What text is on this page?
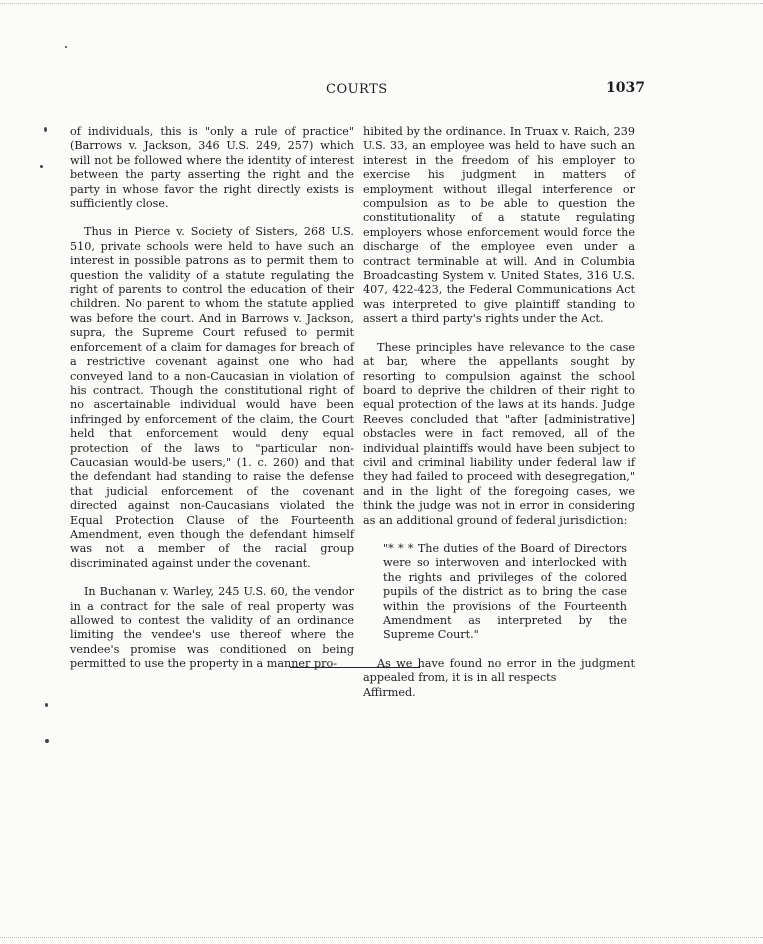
COURTS	1037

of individuals, this is "only a rule of practice" (Barrows v. Jackson, 346 U.S. 249, 257) which will not be followed where the identity of interest between the party asserting the right and the party in whose favor the right directly exists is sufficiently close.

Thus in Pierce v. Society of Sisters, 268 U.S. 510, private schools were held to have such an interest in possible patrons as to permit them to question the validity of a statute regulating the right of parents to control the education of their children. No parent to whom the statute applied was before the court. And in Barrows v. Jackson, supra, the Supreme Court refused to permit enforcement of a claim for damages for breach of a restrictive covenant against one who had conveyed land to a non-Caucasian in violation of his contract. Though the constitutional right of no ascertainable individual would have been infringed by enforcement of the claim, the Court held that enforcement would deny equal protection of the laws to "particular non-Caucasian would-be users," (1. c. 260) and that the defendant had standing to raise the defense that judicial enforcement of the covenant directed against non-Caucasians violated the Equal Protection Clause of the Fourteenth Amendment, even though the defendant himself was not a member of the racial group discriminated against under the covenant.

In Buchanan v. Warley, 245 U.S. 60, the vendor in a contract for the sale of real property was allowed to contest the validity of an ordinance limiting the vendee's use thereof where the vendee's promise was conditioned on being permitted to use the property in a manner pro-

hibited by the ordinance. In Truax v. Raich, 239 U.S. 33, an employee was held to have such an interest in the freedom of his employer to exercise his judgment in matters of employment without illegal interference or compulsion as to be able to question the constitutionality of a statute regulating employers whose enforcement would force the discharge of the employee even under a contract terminable at will. And in Columbia Broadcasting System v. United States, 316 U.S. 407, 422-423, the Federal Communications Act was interpreted to give plaintiff standing to assert a third party's rights under the Act.

These principles have relevance to the case at bar, where the appellants sought by resorting to compulsion against the school board to deprive the children of their right to equal protection of the laws at its hands. Judge Reeves concluded that "after [administrative] obstacles were in fact removed, all of the individual plaintiffs would have been subject to civil and criminal liability under federal law if they had failed to proceed with desegregation," and in the light of the foregoing cases, we think the judge was not in error in considering as an additional ground of federal jurisdiction:

"* * * The duties of the Board of Directors were so interwoven and interlocked with the rights and privileges of the colored pupils of the district as to bring the case within the provisions of the Fourteenth Amendment as interpreted by the Supreme Court."

As we have found no error in the judgment appealed from, it is in all respects

Affirmed.
